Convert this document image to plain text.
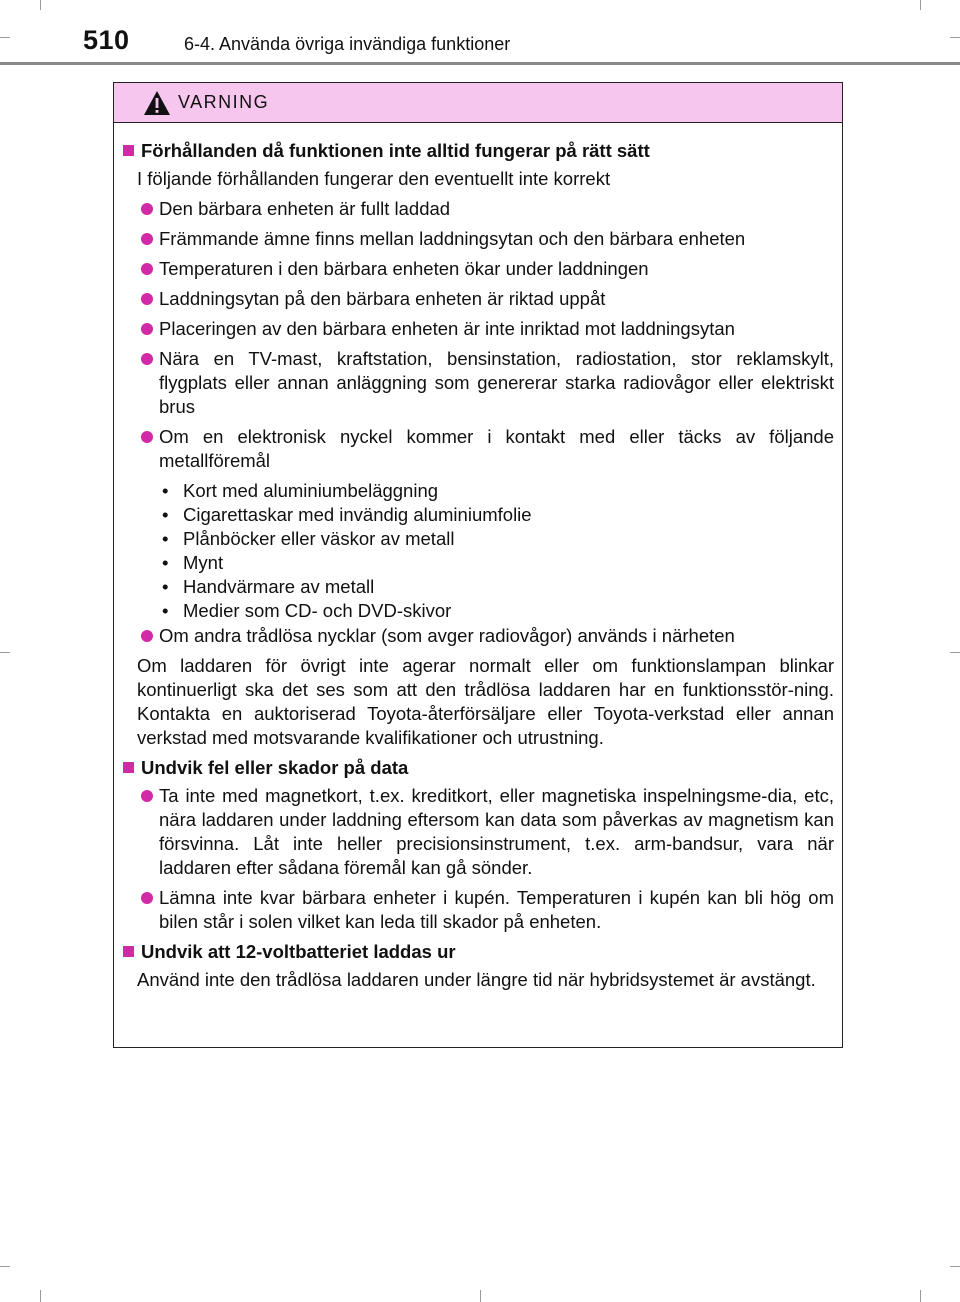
510	6-4. Använda övriga invändiga funktioner
VARNING
Förhållanden då funktionen inte alltid fungerar på rätt sätt
I följande förhållanden fungerar den eventuellt inte korrekt
Den bärbara enheten är fullt laddad
Främmande ämne finns mellan laddningsytan och den bärbara enheten
Temperaturen i den bärbara enheten ökar under laddningen
Laddningsytan på den bärbara enheten är riktad uppåt
Placeringen av den bärbara enheten är inte inriktad mot laddningsytan
Nära en TV-mast, kraftstation, bensinstation, radiostation, stor reklamskylt, flygplats eller annan anläggning som genererar starka radiovågor eller elektriskt brus
Om en elektronisk nyckel kommer i kontakt med eller täcks av följande metallföremål
• Kort med aluminiumbeläggning
• Cigarettaskar med invändig aluminiumfolie
• Plånböcker eller väskor av metall
• Mynt
• Handvärmare av metall
• Medier som CD- och DVD-skivor
Om andra trådlösa nycklar (som avger radiovågor) används i närheten
Om laddaren för övrigt inte agerar normalt eller om funktionslampan blinkar kontinuerligt ska det ses som att den trådlösa laddaren har en funktionsstör-ning. Kontakta en auktoriserad Toyota-återförsäljare eller Toyota-verkstad eller annan verkstad med motsvarande kvalifikationer och utrustning.
Undvik fel eller skador på data
Ta inte med magnetkort, t.ex. kreditkort, eller magnetiska inspelningsme-dia, etc, nära laddaren under laddning eftersom kan data som påverkas av magnetism kan försvinna. Låt inte heller precisionsinstrument, t.ex. arm-bandsur, vara när laddaren efter sådana föremål kan gå sönder.
Lämna inte kvar bärbara enheter i kupén. Temperaturen i kupén kan bli hög om bilen står i solen vilket kan leda till skador på enheten.
Undvik att 12-voltbatteriet laddas ur
Använd inte den trådlösa laddaren under längre tid när hybridsystemet är avstängt.
